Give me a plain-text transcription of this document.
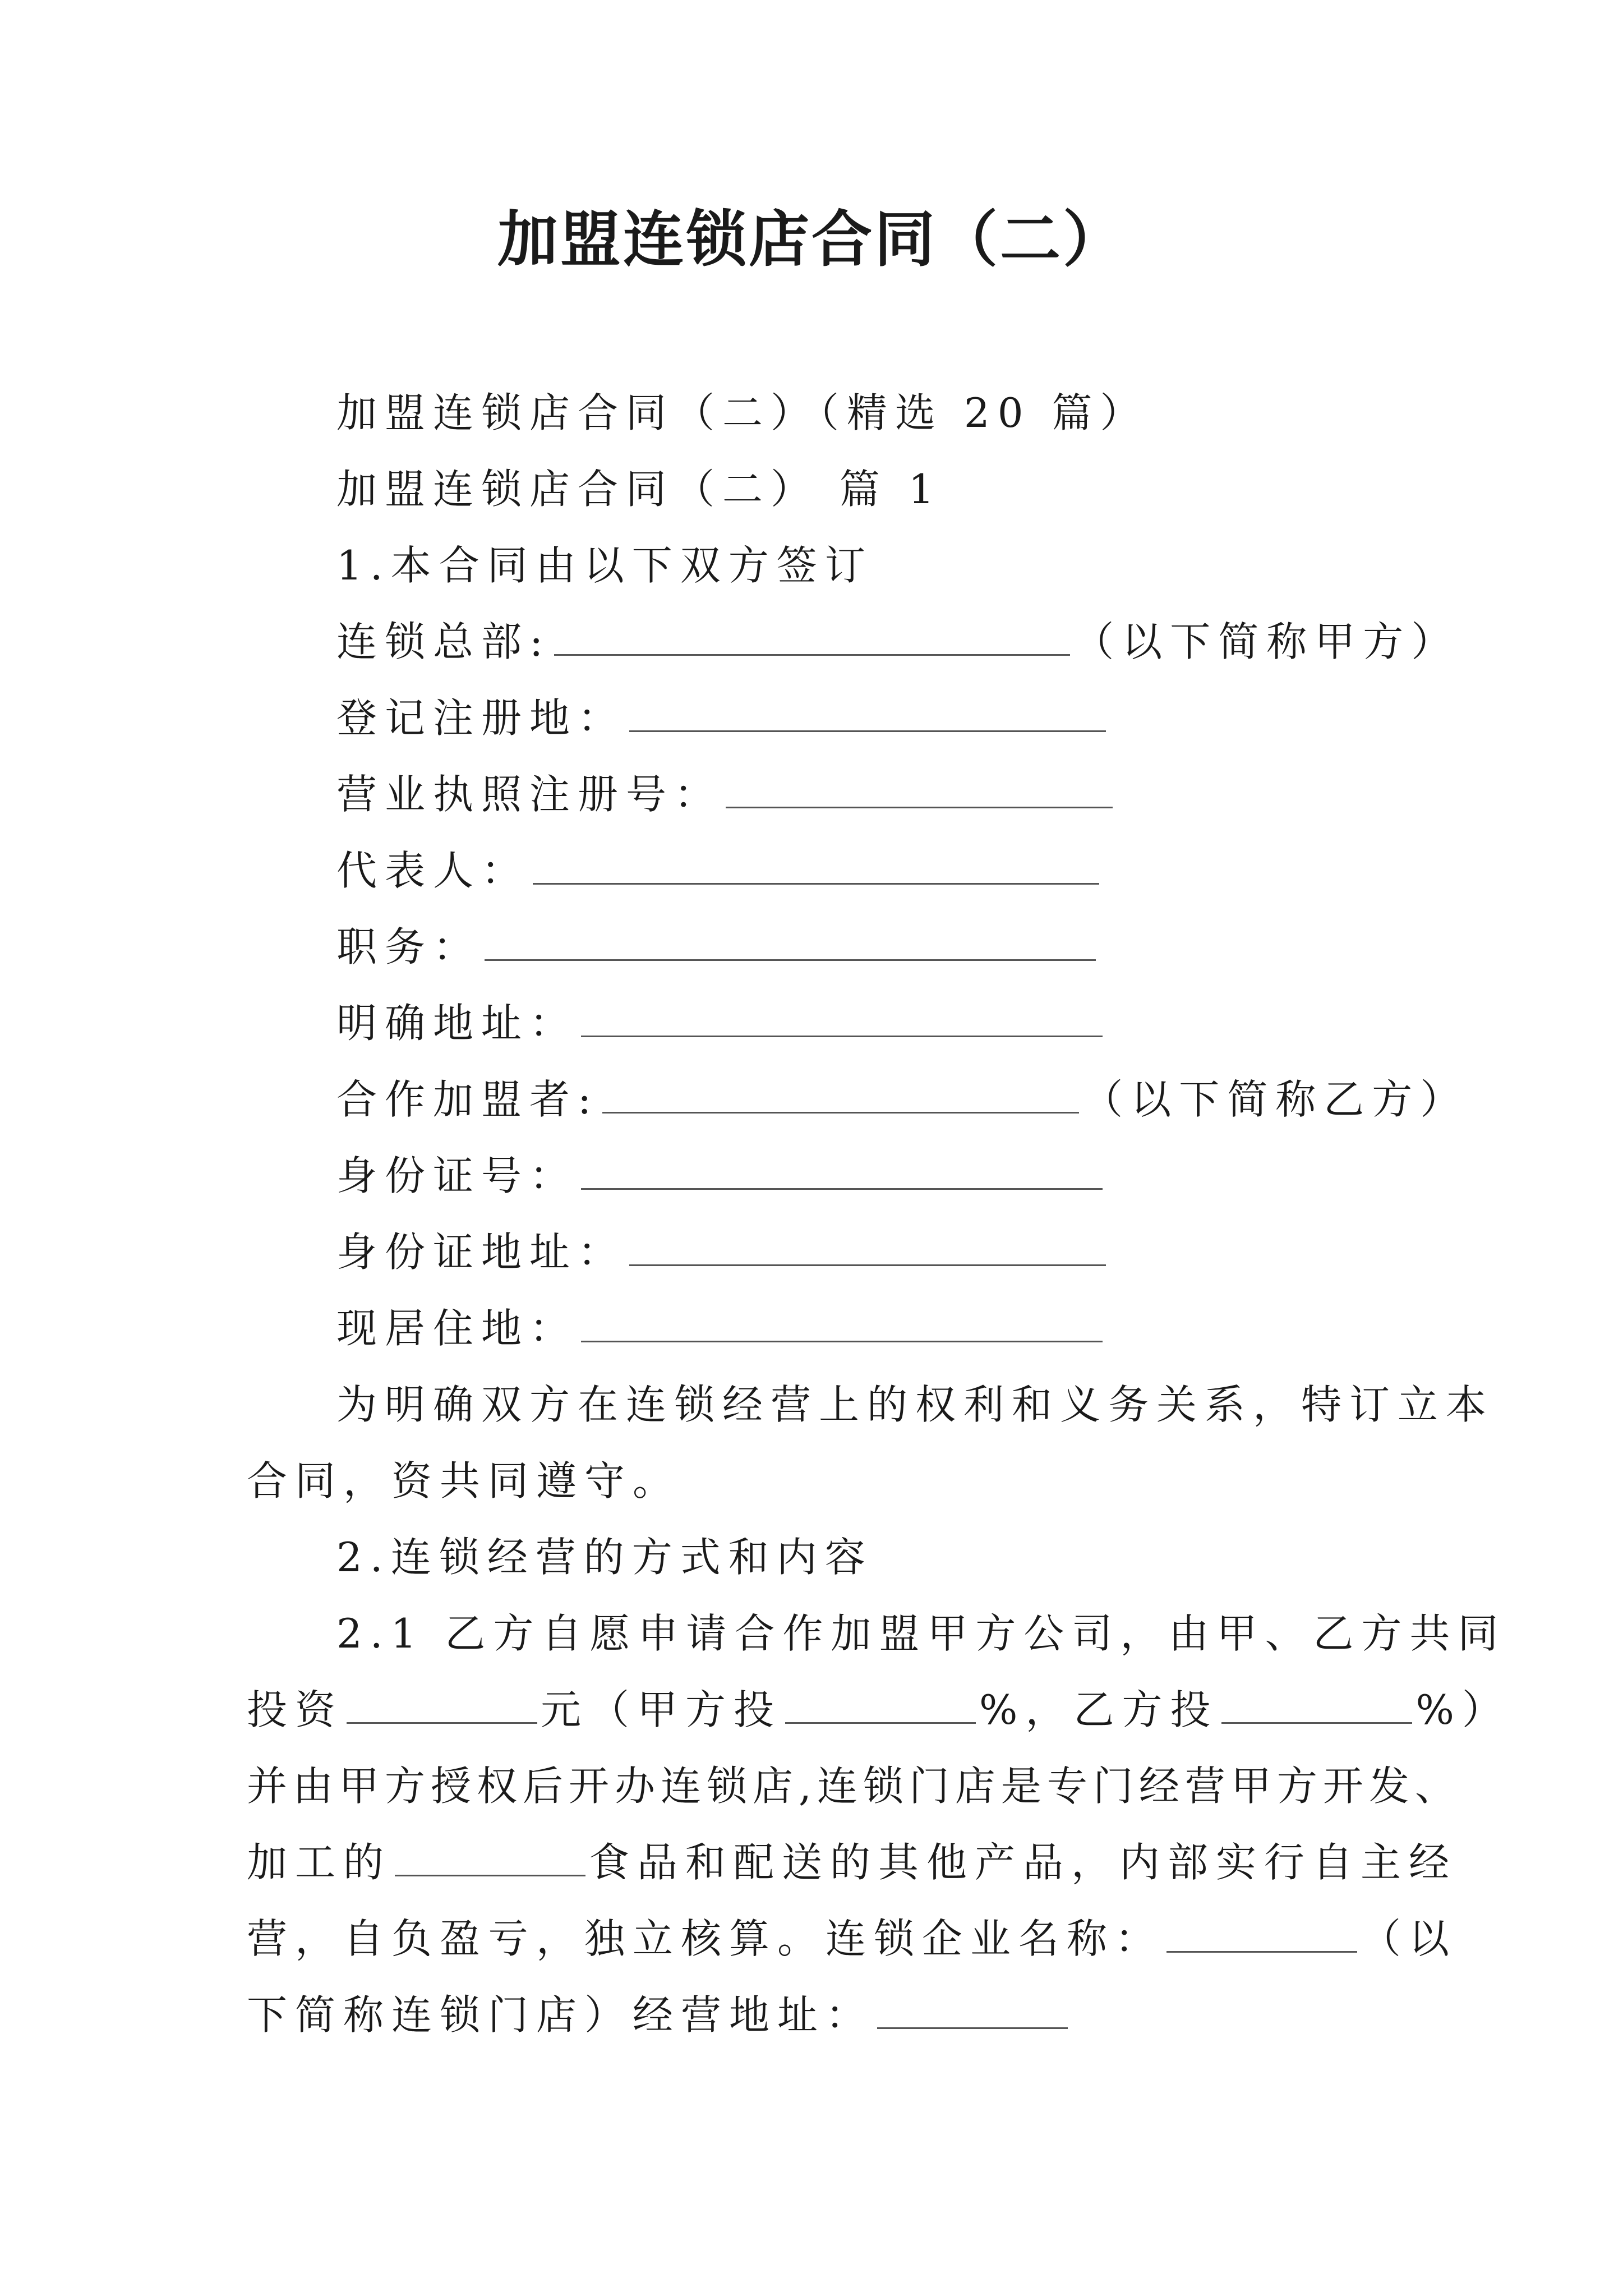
加盟连锁店合同（二）
加盟连锁店合同（二）（精选 20 篇）
加盟连锁店合同（二） 篇 1
1.本合同由以下双方签订
连锁总部:	（以下简称甲方）
登记注册地：
营业执照注册号：
代表人：
职务：
明确地址：
合作加盟者:	（以下简称乙方）
身份证号：
身份证地址：
现居住地：
为明确双方在连锁经营上的权利和义务关系，特订立本
合同，资共同遵守。
2.连锁经营的方式和内容
2.1 乙方自愿申请合作加盟甲方公司，由甲、乙方共同
投资	元（甲方投	%，乙方投	%）
并由甲方授权后开办连锁店,连锁门店是专门经营甲方开发、
加工的	食品和配送的其他产品，内部实行自主经
营，自负盈亏，独立核算。连锁企业名称：	（以
下简称连锁门店）经营地址：
